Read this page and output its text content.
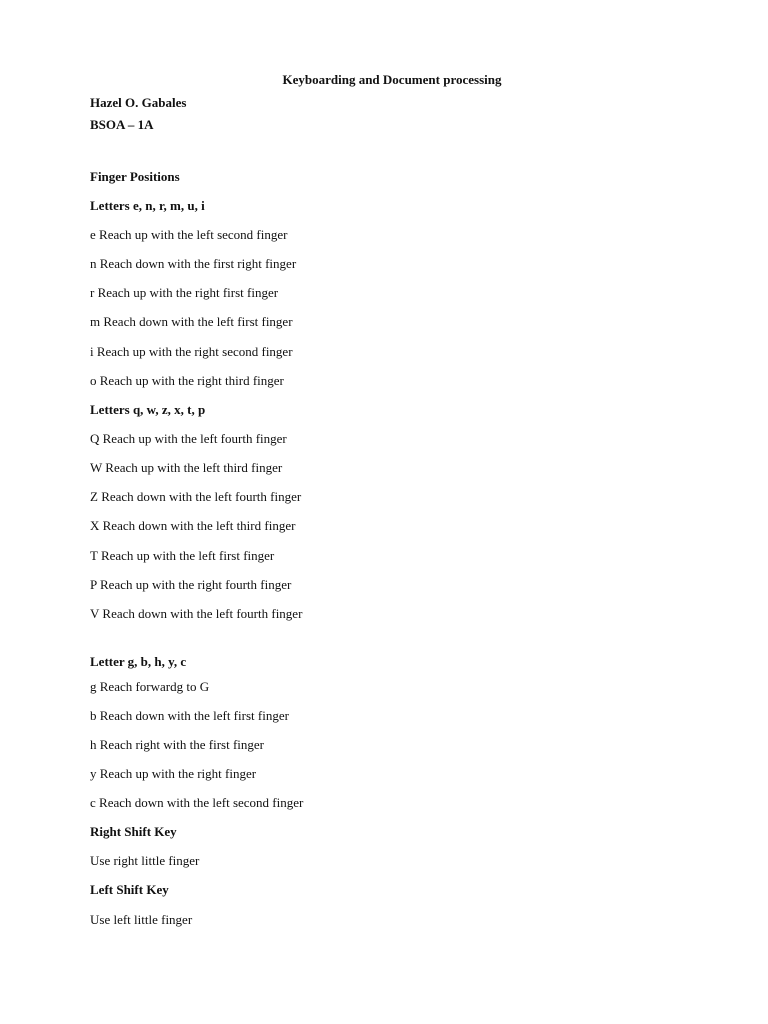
Keyboarding and Document processing
Hazel O. Gabales
BSOA – 1A
Finger Positions
Letters e, n, r, m, u, i
e Reach up with the left second finger
n Reach down with the first right finger
r Reach up with the right first finger
m Reach down with the left first finger
i Reach up with the right second finger
o Reach up with the right third finger
Letters q, w, z, x, t, p
Q Reach up with the left fourth finger
W Reach up with the left third finger
Z Reach down with the left fourth finger
X Reach down with the left third finger
T Reach up with the left first finger
P Reach up with the right fourth finger
V Reach down with the left fourth finger
Letter g, b, h, y, c
g Reach forwardg to G
b Reach down with the left first finger
h Reach right with the first finger
y Reach up with the right finger
c Reach down with the left second finger
Right Shift Key
Use right little finger
Left Shift Key
Use left little finger
